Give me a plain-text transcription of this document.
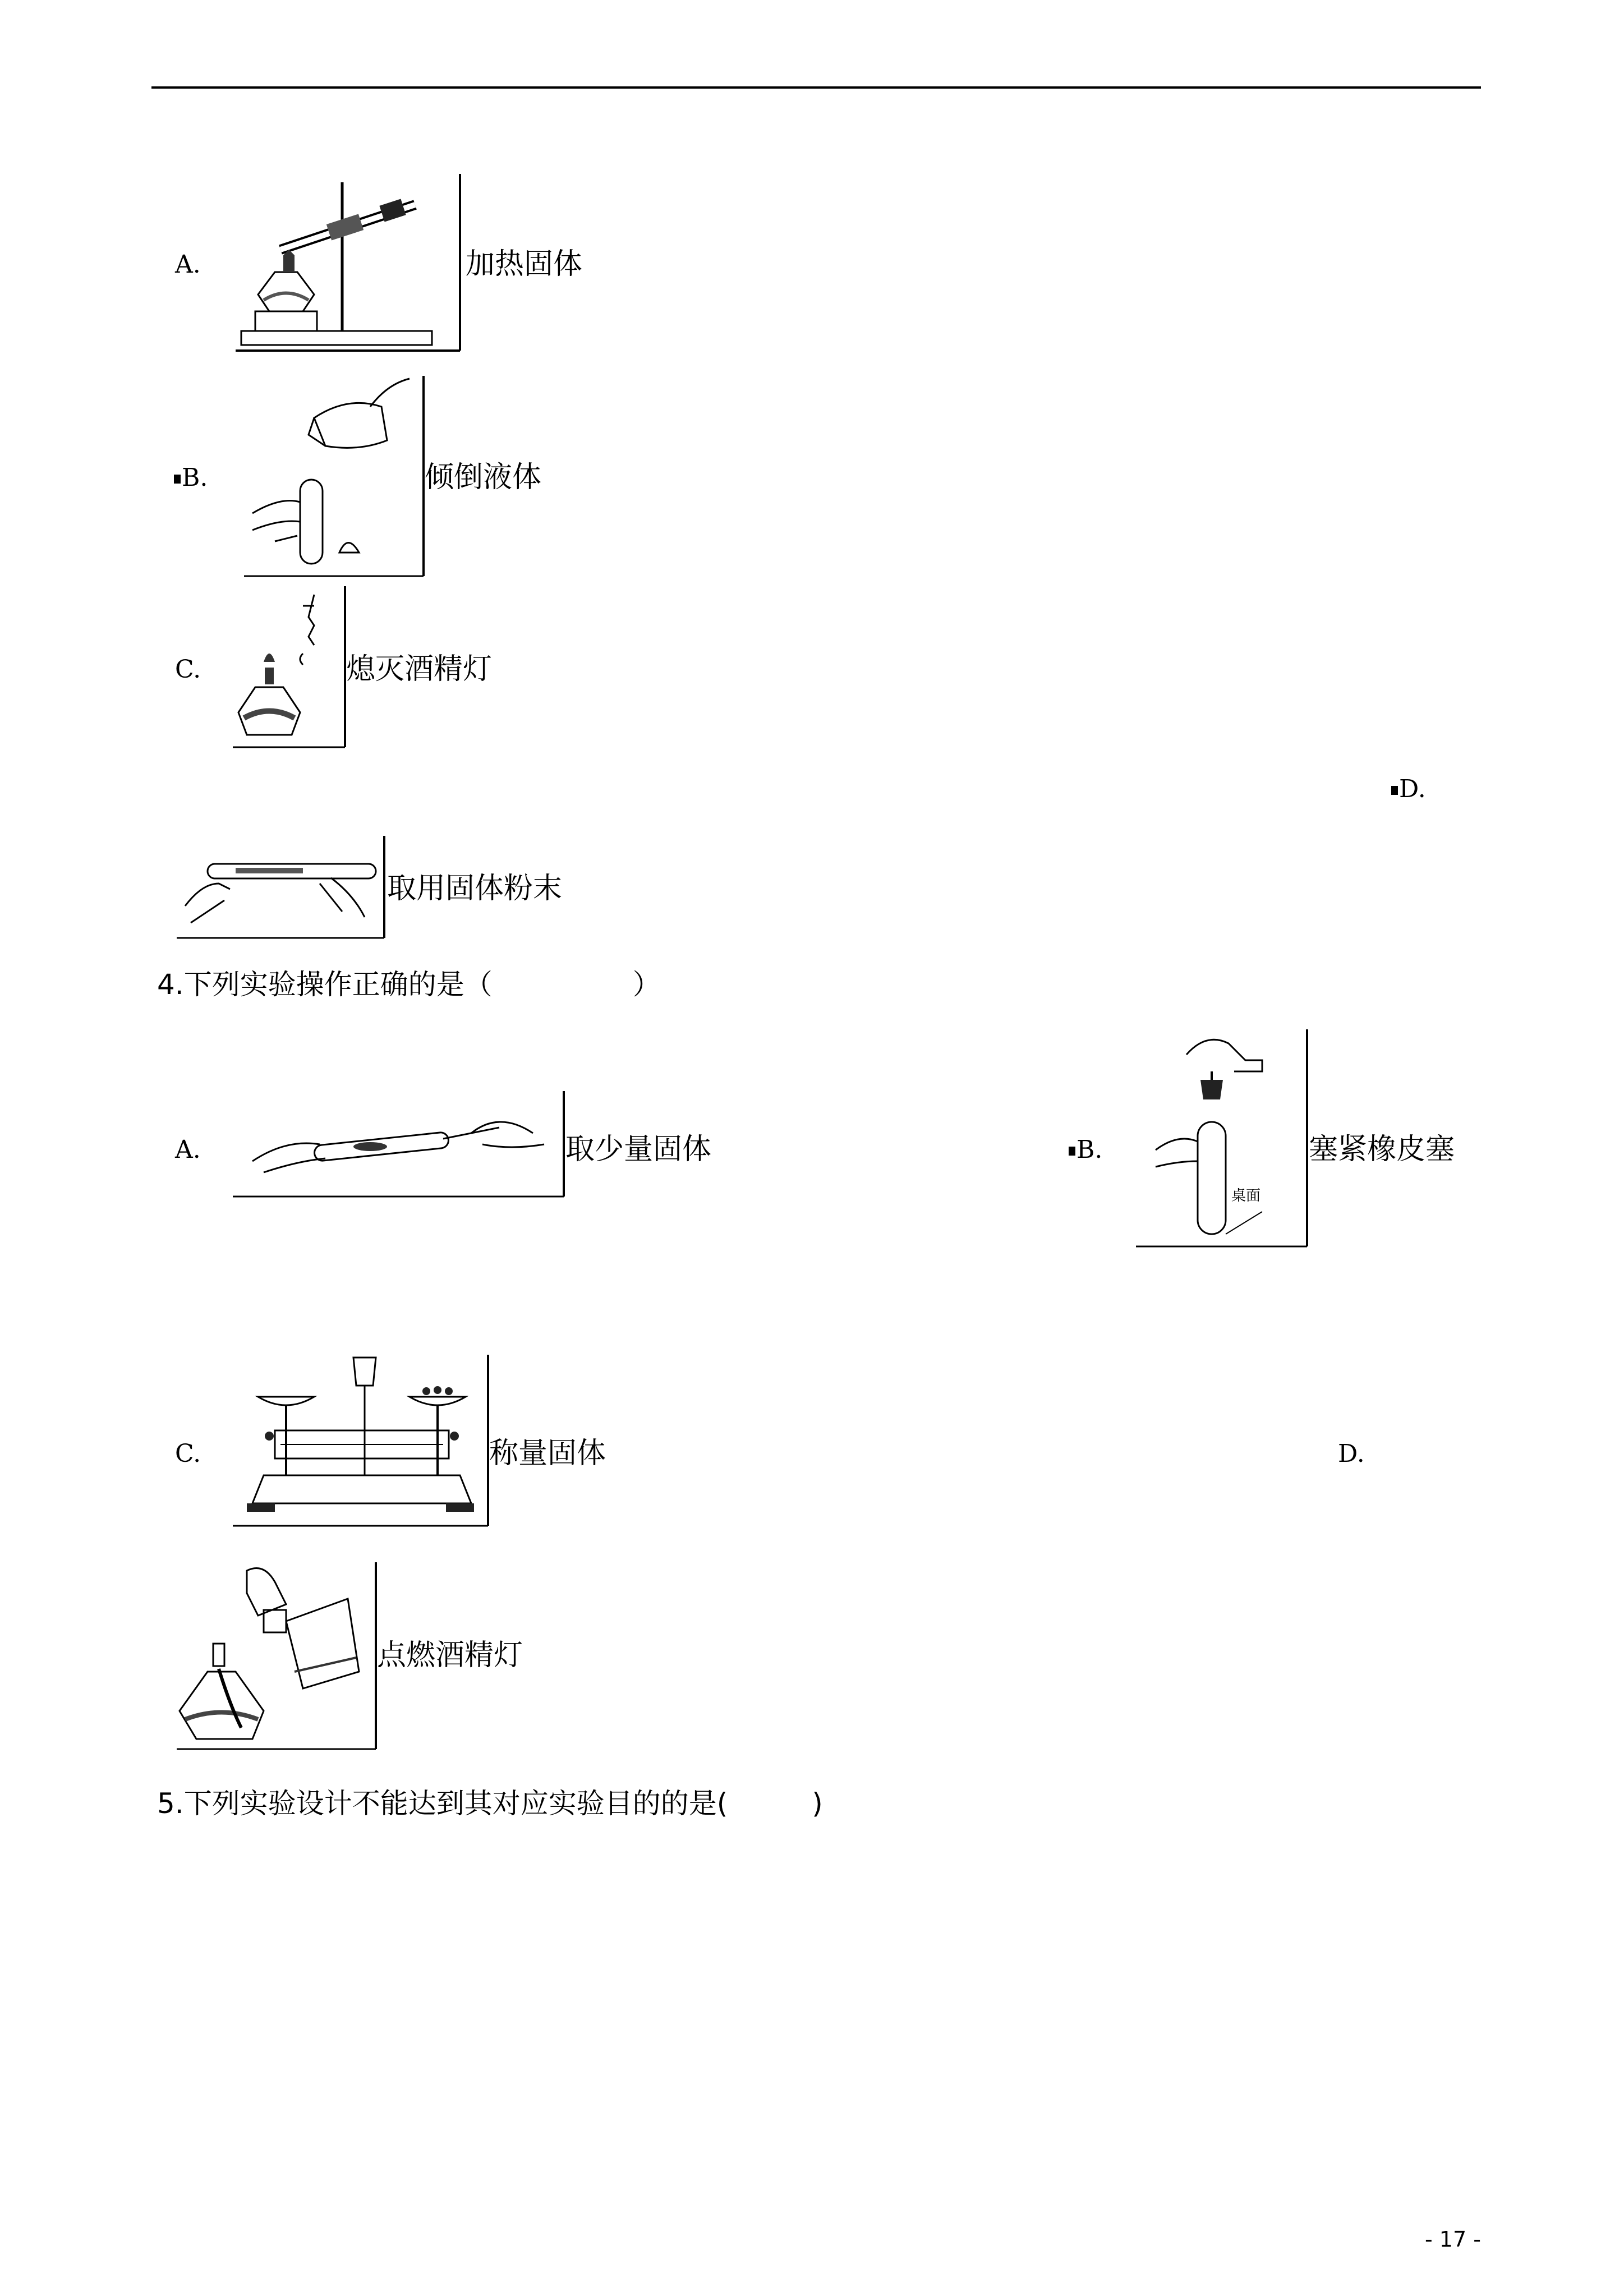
A.	加热固体
B.	倾倒液体
C.	熄灭酒精灯
D.
取用固体粉末
4.下列实验操作正确的是（　　　　　）
A.	取少量固体	B.
桌面
塞紧橡皮塞
C.	称量固体	D.
点燃酒精灯
5.下列实验设计不能达到其对应实验目的的是(　　　)
- 17 -
